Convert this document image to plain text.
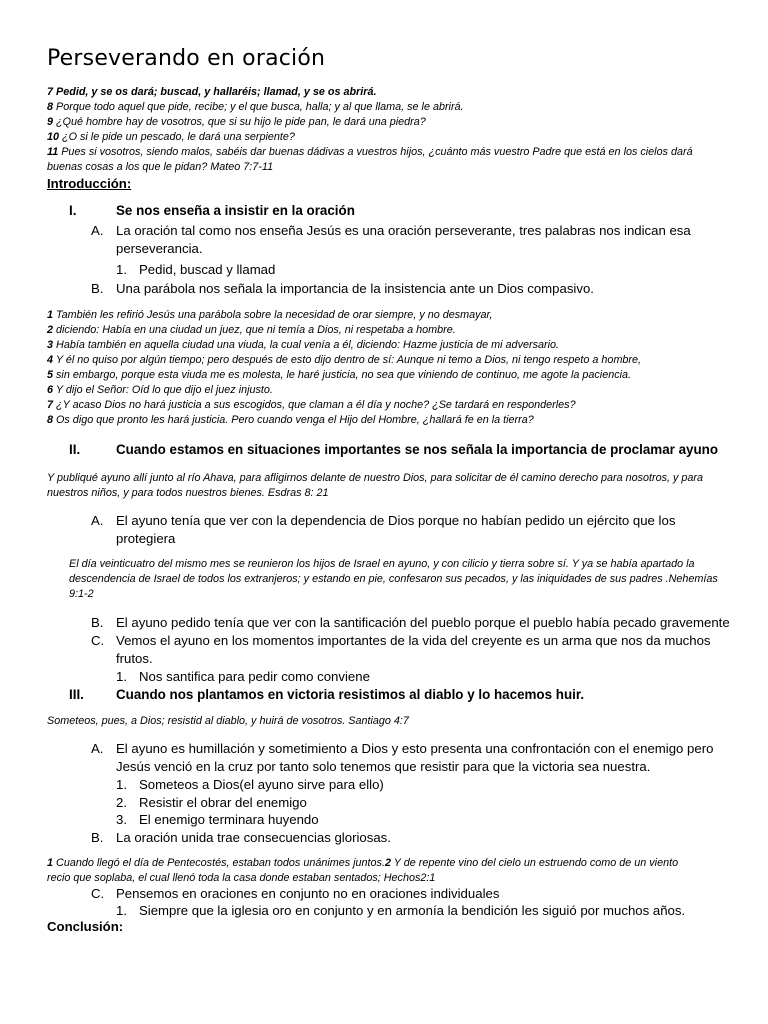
Perseverando en oración

7 Pedid, y se os dará; buscad, y hallaréis; llamad, y se os abrirá.

8 Porque todo aquel que pide, recibe; y el que busca, halla; y al que llama, se le abrirá.

9 ¿Qué hombre hay de vosotros, que si su hijo le pide pan, le dará una piedra?

10 ¿O si le pide un pescado, le dará una serpiente?

11 Pues si vosotros, siendo malos, sabéis dar buenas dádivas a vuestros hijos, ¿cuánto más vuestro Padre que está en los cielos dará buenas cosas a los que le pidan? Mateo 7:7-11

Introducción:
I.	Se nos enseña a insistir en la oración
A. La oración tal como nos enseña Jesús es una oración perseverante, tres palabras nos indican esa perseverancia.
1. Pedid, buscad y llamad
B. Una parábola nos señala la importancia de la insistencia ante un Dios compasivo.

1 También les refirió Jesús una parábola sobre la necesidad de orar siempre, y no desmayar,

2 diciendo: Había en una ciudad un juez, que ni temía a Dios, ni respetaba a hombre.

3 Había también en aquella ciudad una viuda, la cual venía a él, diciendo: Hazme justicia de mi adversario.

4 Y él no quiso por algún tiempo; pero después de esto dijo dentro de sí: Aunque ni temo a Dios, ni tengo respeto a hombre,

5 sin embargo, porque esta viuda me es molesta, le haré justicia, no sea que viniendo de continuo, me agote la paciencia.

6 Y dijo el Señor: Oíd lo que dijo el juez injusto.

7 ¿Y acaso Dios no hará justicia a sus escogidos, que claman a él día y noche? ¿Se tardará en responderles?

8 Os digo que pronto les hará justicia. Pero cuando venga el Hijo del Hombre, ¿hallará fe en la tierra?

II.	Cuando estamos en situaciones importantes se nos señala la importancia de proclamar ayuno

Y publiqué ayuno allí junto al río Ahava, para afligirnos delante de nuestro Dios, para solicitar de él camino derecho para nosotros, y para nuestros niños, y para todos nuestros bienes. Esdras 8: 21

A. El ayuno tenía que ver con la dependencia de Dios porque no habían pedido un ejército que los protegiera

El día veinticuatro del mismo mes se reunieron los hijos de Israel en ayuno, y con cilicio y tierra sobre sí. Y ya se había apartado la descendencia de Israel de todos los extranjeros; y estando en pie, confesaron sus pecados, y las iniquidades de sus padres .Nehemías 9:1-2

B. El ayuno pedido tenía que ver con la santificación del pueblo porque el pueblo había pecado gravemente
C. Vemos el ayuno en los momentos importantes de la vida del creyente es un arma que nos da muchos frutos.
1. Nos santifica para pedir como conviene
III. Cuando nos plantamos en victoria resistimos al diablo y lo hacemos huir.

Someteos, pues, a Dios; resistid al diablo, y huirá de vosotros. Santiago 4:7

A. El ayuno es humillación y sometimiento a Dios y esto presenta una confrontación con el enemigo pero Jesús venció en la cruz por tanto solo tenemos que resistir para que la victoria sea nuestra.
1. Someteos a Dios(el ayuno sirve para ello)
2. Resistir el obrar del enemigo
3. El enemigo terminara huyendo
B. La oración unida trae consecuencias gloriosas.

1 Cuando llegó el día de Pentecostés, estaban todos unánimes juntos.2 Y de repente vino del cielo un estruendo como de un viento recio que soplaba, el cual llenó toda la casa donde estaban sentados; Hechos2:1

C. Pensemos en oraciones en conjunto no en oraciones individuales
1. Siempre que la iglesia oro en conjunto y en armonía la bendición les siguió por muchos años.
Conclusión:
